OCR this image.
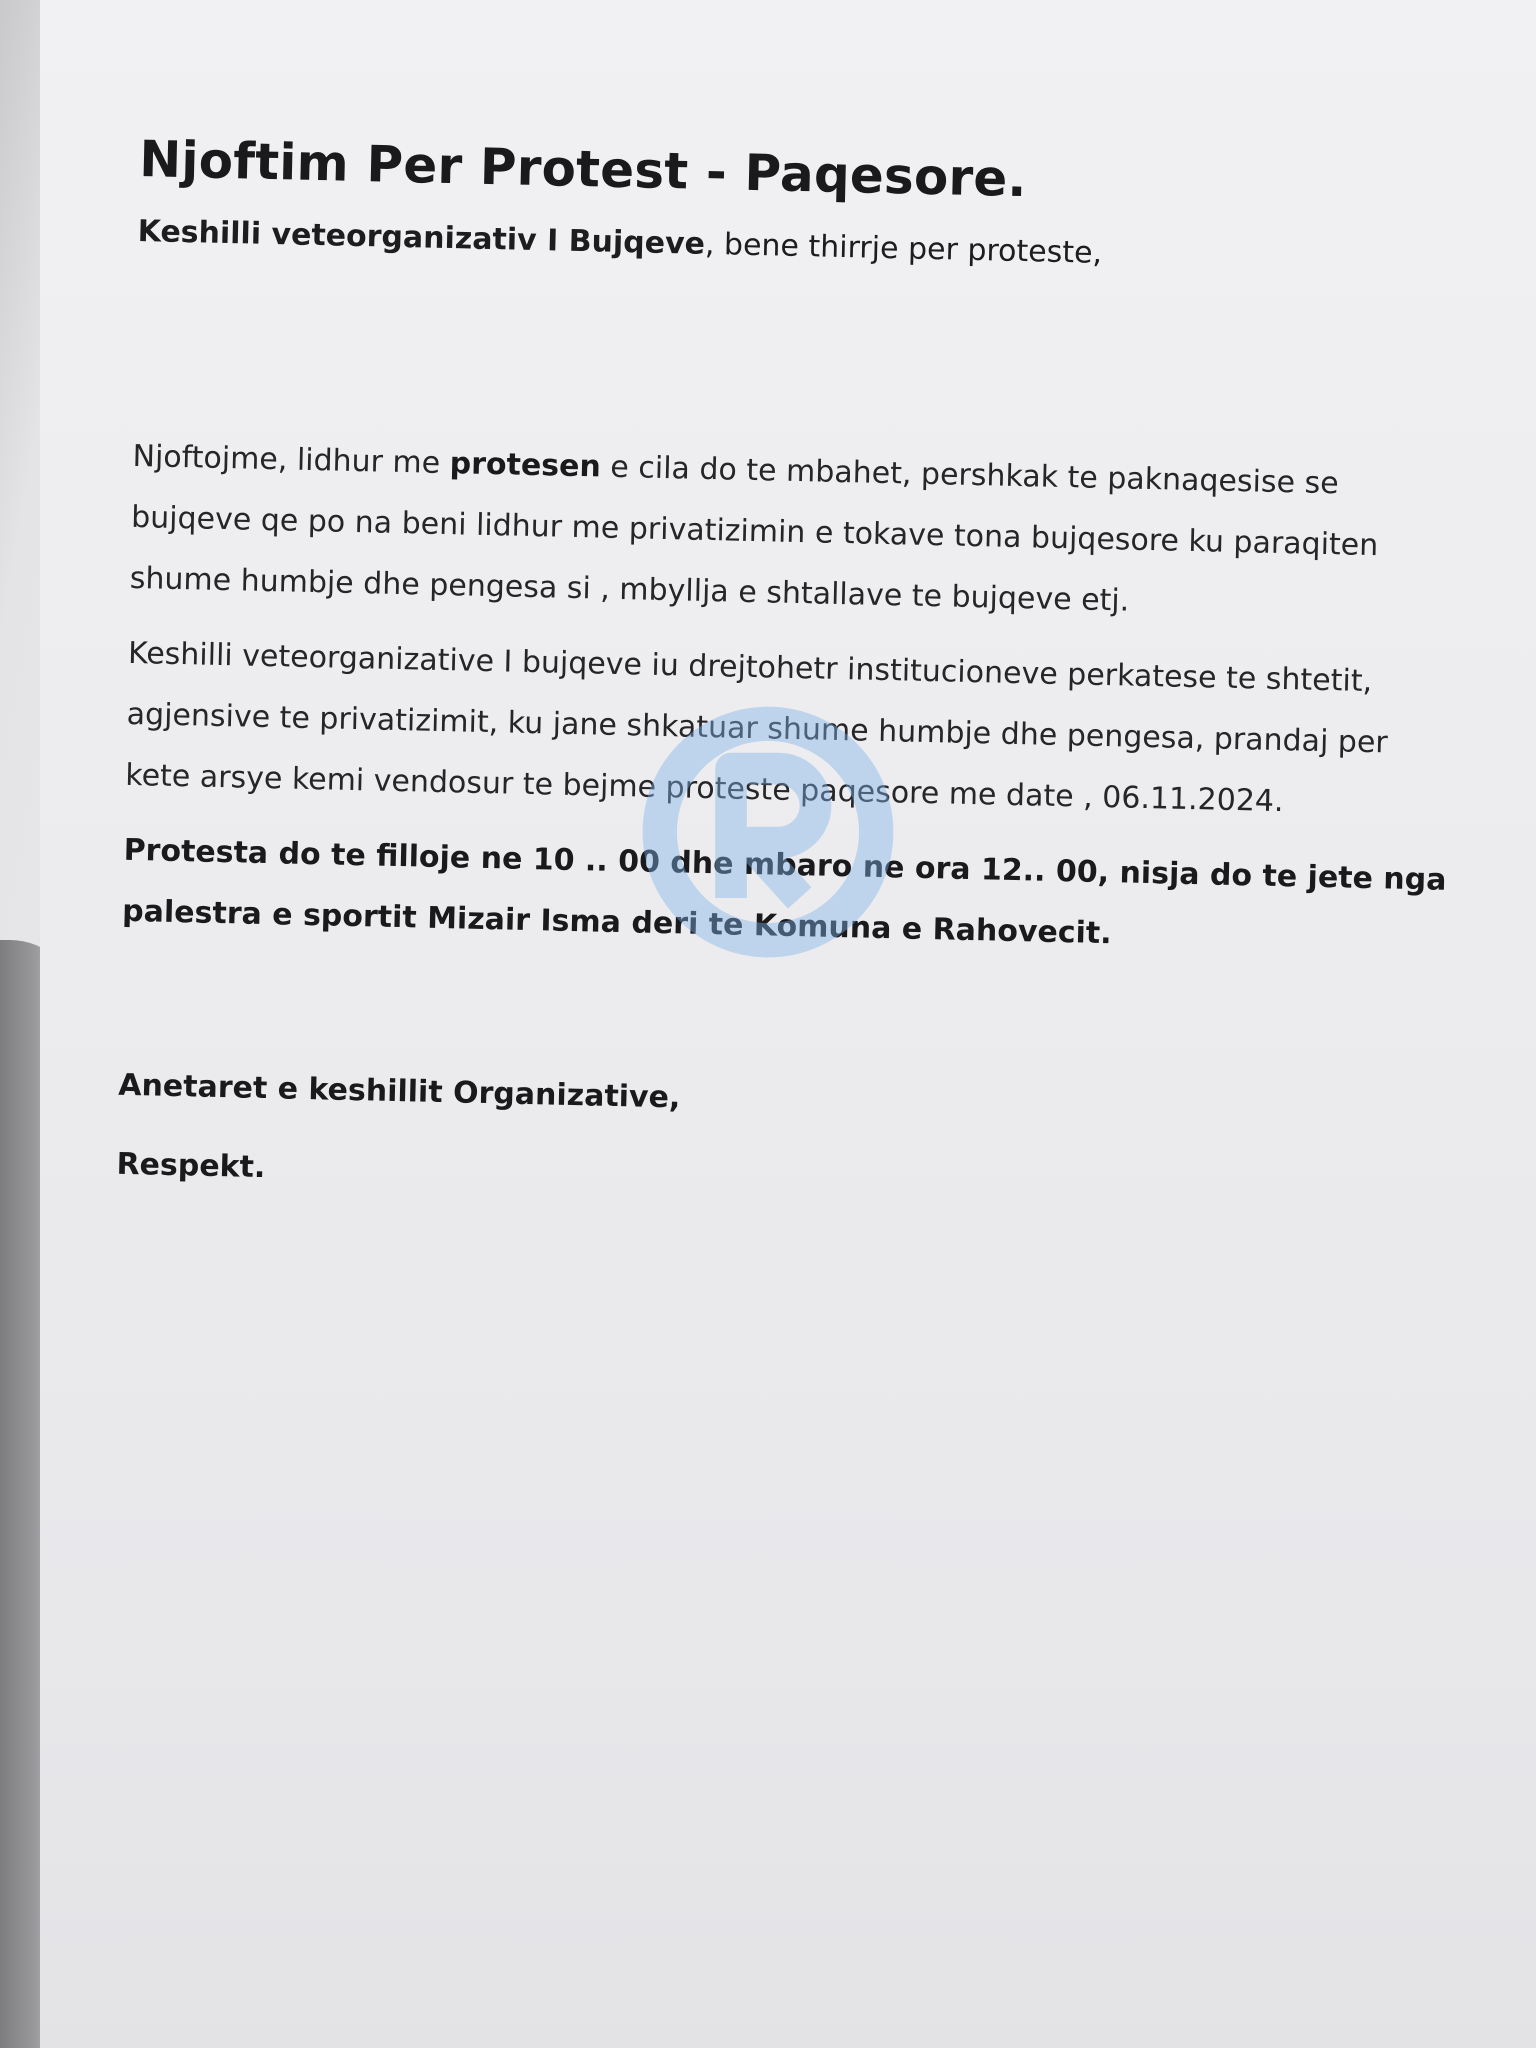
Njoftim Per Protest - Paqesore.

Keshilli veteorganizativ I Bujqeve, bene thirrje per proteste,

Njoftojme, lidhur me protesen e cila do te mbahet, pershkak te paknaqesise se bujqeve qe po na beni lidhur me privatizimin e tokave tona bujqesore ku paraqiten shume humbje dhe pengesa si , mbyllja e shtallave te bujqeve etj.

Keshilli veteorganizative I bujqeve iu drejtohetr institucioneve perkatese te shtetit, agjensive te privatizimit, ku jane shkatuar shume humbje dhe pengesa, prandaj per kete arsye kemi vendosur te bejme proteste paqesore me date , 06.11.2024.

Protesta do te filloje ne 10 .. 00 dhe mbaro ne ora 12.. 00, nisja do te jete nga palestra e sportit Mizair Isma deri te Komuna e Rahovecit.

Anetaret e keshillit Organizative,

Respekt.
